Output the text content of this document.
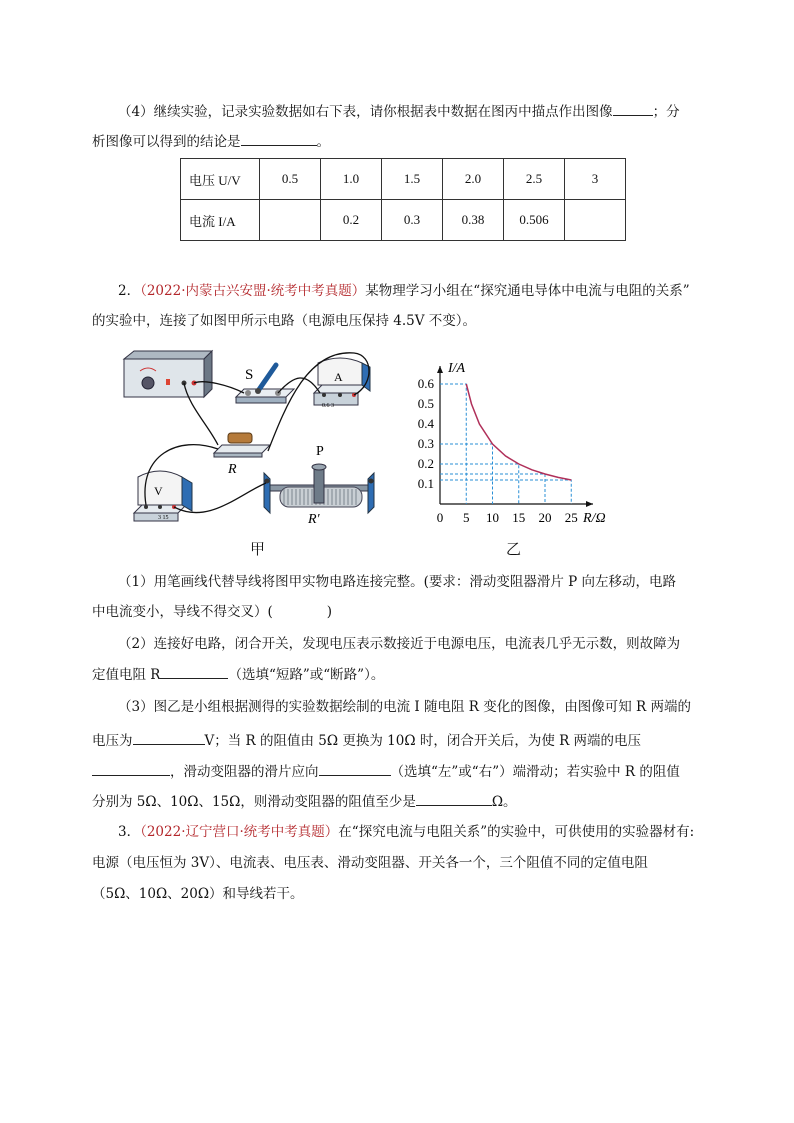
（4）继续实验，记录实验数据如右下表，请你根据表中数据在图丙中描点作出图像	；分
析图像可以得到的结论是	。
电压 U/V	0.5	1.0	1.5	2.0	2.5	3
电流 I/A		0.2	0.3	0.38	0.506	
2．（2022·内蒙古兴安盟·统考中考真题）某物理学习小组在“探究通电导体中电流与电阻的关系”
的实验中，连接了如图甲所示电路（电源电压保持 4.5V 不变）。
S	A
0.6 3
R
V
3 15
P
R′
甲
0 5 10 15 20 25
0.1
0.2
0.3
0.4
0.5
0.6
R/Ω
I/A
乙
（1）用笔画线代替导线将图甲实物电路连接完整。(要求：滑动变阻器滑片 P 向左移动，电路
中电流变小，导线不得交叉）(　　　　)
（2）连接好电路，闭合开关，发现电压表示数接近于电源电压，电流表几乎无示数，则故障为
定值电阻 R	（选填“短路”或“断路”）。
（3）图乙是小组根据测得的实验数据绘制的电流 I 随电阻 R 变化的图像，由图像可知 R 两端的
电压为	V；当 R 的阻值由 5Ω 更换为 10Ω 时，闭合开关后，为使 R 两端的电压
，滑动变阻器的滑片应向	（选填“左”或“右”）端滑动；若实验中 R 的阻值
分别为 5Ω、10Ω、15Ω，则滑动变阻器的阻值至少是	Ω。
3．（2022·辽宁营口·统考中考真题）在“探究电流与电阻关系”的实验中，可供使用的实验器材有:
电源（电压恒为 3V）、电流表、电压表、滑动变阻器、开关各一个，三个阻值不同的定值电阻
（5Ω、10Ω、20Ω）和导线若干。
